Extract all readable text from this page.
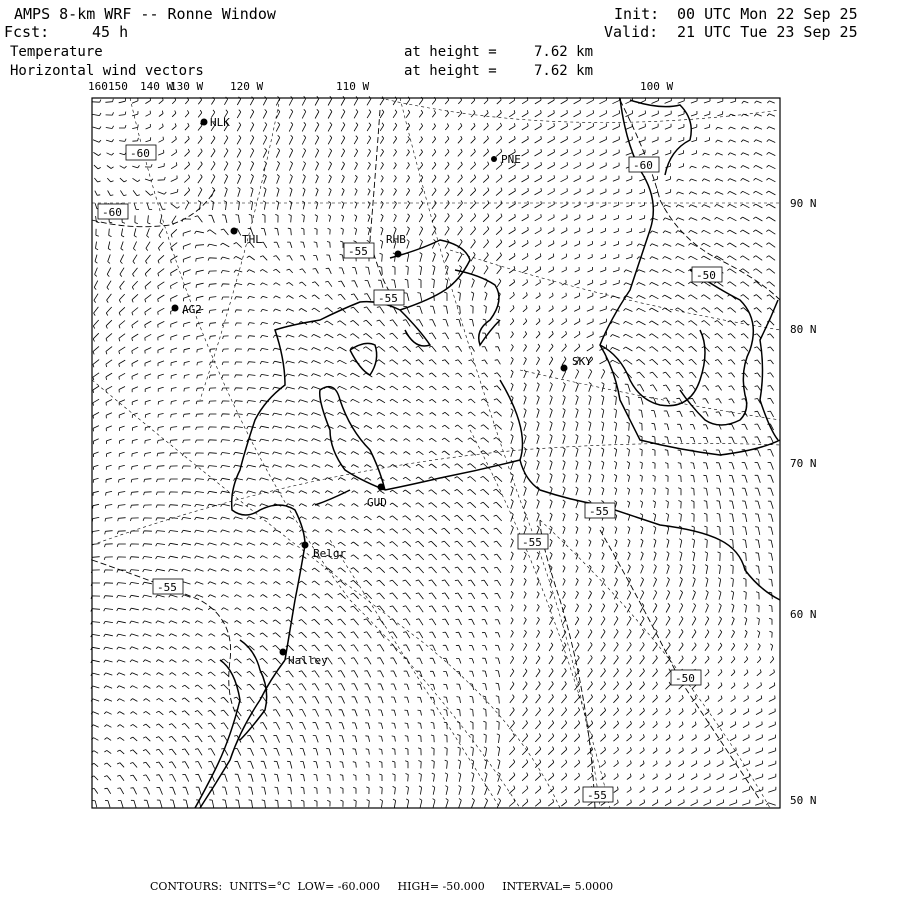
AMPS 8-km WRF -- Ronne Window
Fcst:	45 h
Init: 00 UTC Mon 22 Sep 25
Valid: 21 UTC Tue 23 Sep 25
Temperature
Horizontal wind vectors
at height =	7.62 km
at height =	7.62 km
160 150 140 W
130 W 120 W	110 W	100 W
90 N
80 N
70 N
60 N
50 N
HLK
PNE
THL	RHB
AG2
SKY
GUD
Belgr
Halley
-60
-60
-60
-55
-55
-50
-55
-55
-55
-50
-55
CONTOURS: UNITS=°C LOW= -60.000 HIGH= -50.000 INTERVAL= 5.0000
